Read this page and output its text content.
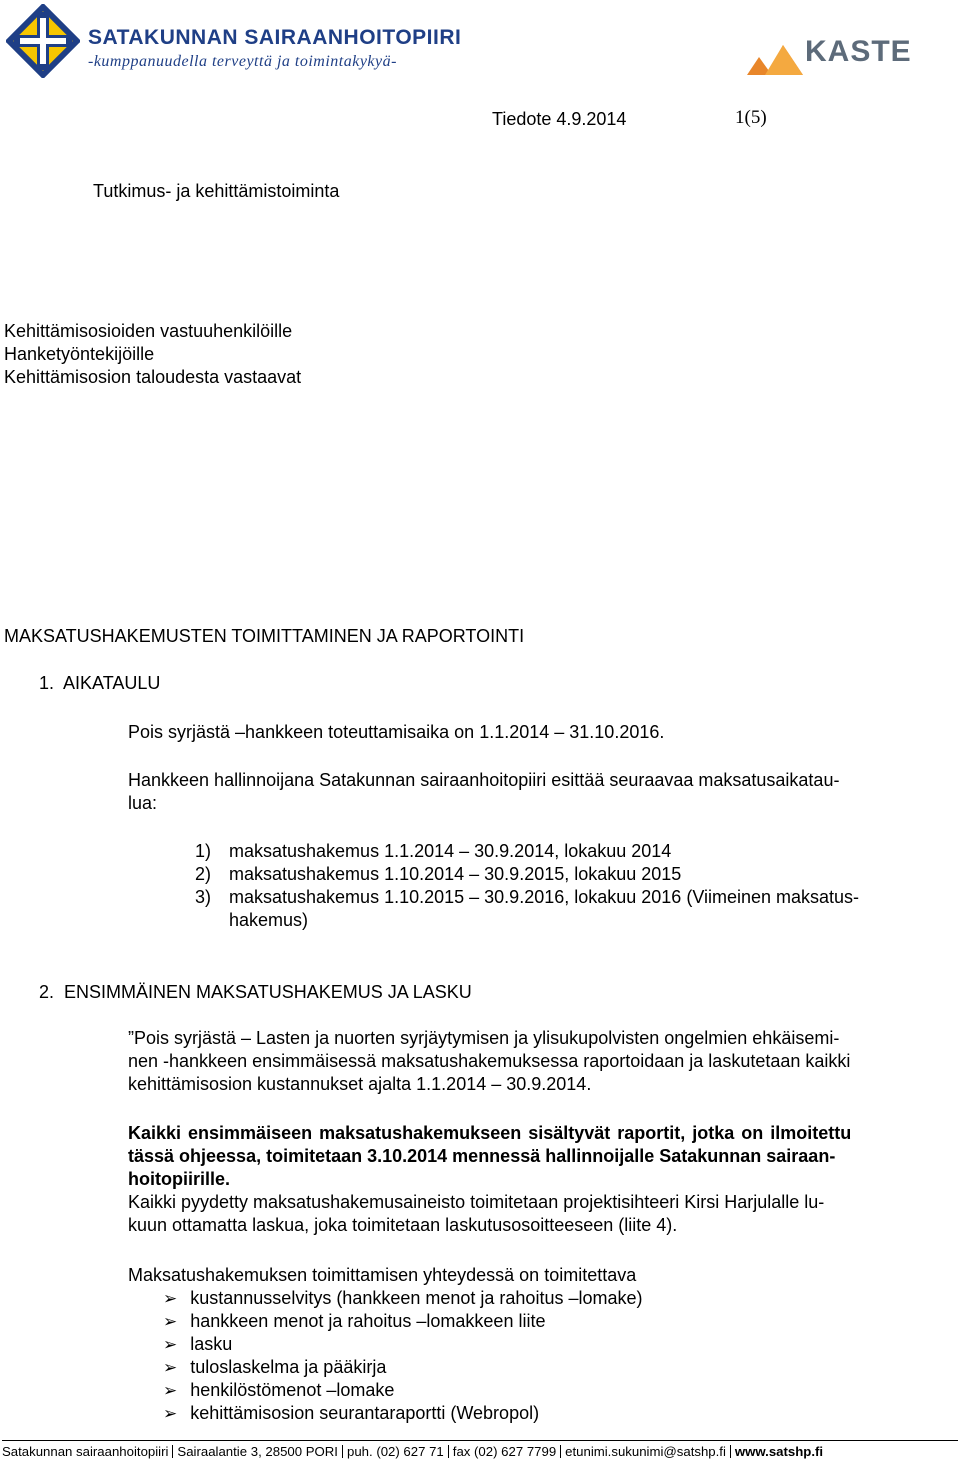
SATAKUNNAN SAIRAANHOITOPIIRI
-kumppanuudella terveyttä ja toimintakykyä-	KASTE
Tiedote 4.9.2014	1(5)
Tutkimus- ja kehittämistoiminta
Kehittämisosioiden vastuuhenkilöille
Hanketyöntekijöille
Kehittämisosion taloudesta vastaavat
MAKSATUSHAKEMUSTEN TOIMITTAMINEN JA RAPORTOINTI
1.  AIKATAULU
Pois syrjästä –hankkeen toteuttamisaika on 1.1.2014 – 31.10.2016.
Hankkeen hallinnoijana Satakunnan sairaanhoitopiiri esittää seuraavaa maksatusaikatau-
lua:
1) maksatushakemus 1.1.2014 – 30.9.2014, lokakuu 2014
2) maksatushakemus 1.10.2014 – 30.9.2015, lokakuu 2015
3) maksatushakemus 1.10.2015 – 30.9.2016, lokakuu 2016 (Viimeinen maksatus-
hakemus)
2.  ENSIMMÄINEN MAKSATUSHAKEMUS JA LASKU
”Pois syrjästä – Lasten ja nuorten syrjäytymisen ja ylisukupolvisten ongelmien ehkäisemi-
nen -hankkeen ensimmäisessä maksatushakemuksessa raportoidaan ja laskutetaan kaikki
kehittämisosion kustannukset ajalta 1.1.2014 – 30.9.2014.
Kaikki ensimmäiseen maksatushakemukseen sisältyvät raportit, jotka on ilmoitettu
tässä ohjeessa, toimitetaan 3.10.2014 mennessä hallinnoijalle Satakunnan sairaan-
hoitopiirille.
Kaikki pyydetty maksatushakemusaineisto toimitetaan projektisihteeri Kirsi Harjulalle lu-
kuun ottamatta laskua, joka toimitetaan laskutusosoitteeseen (liite 4).
Maksatushakemuksen toimittamisen yhteydessä on toimitettava
➢ kustannusselvitys (hankkeen menot ja rahoitus –lomake)
➢ hankkeen menot ja rahoitus –lomakkeen liite
➢ lasku
➢ tuloslaskelma ja pääkirja
➢ henkilöstömenot –lomake
➢ kehittämisosion seurantaraportti (Webropol)
Satakunnan sairaanhoitopiiri Sairaalantie 3, 28500 PORI puh. (02) 627 71 fax (02) 627 7799 etunimi.sukunimi@satshp.fi www.satshp.fi
